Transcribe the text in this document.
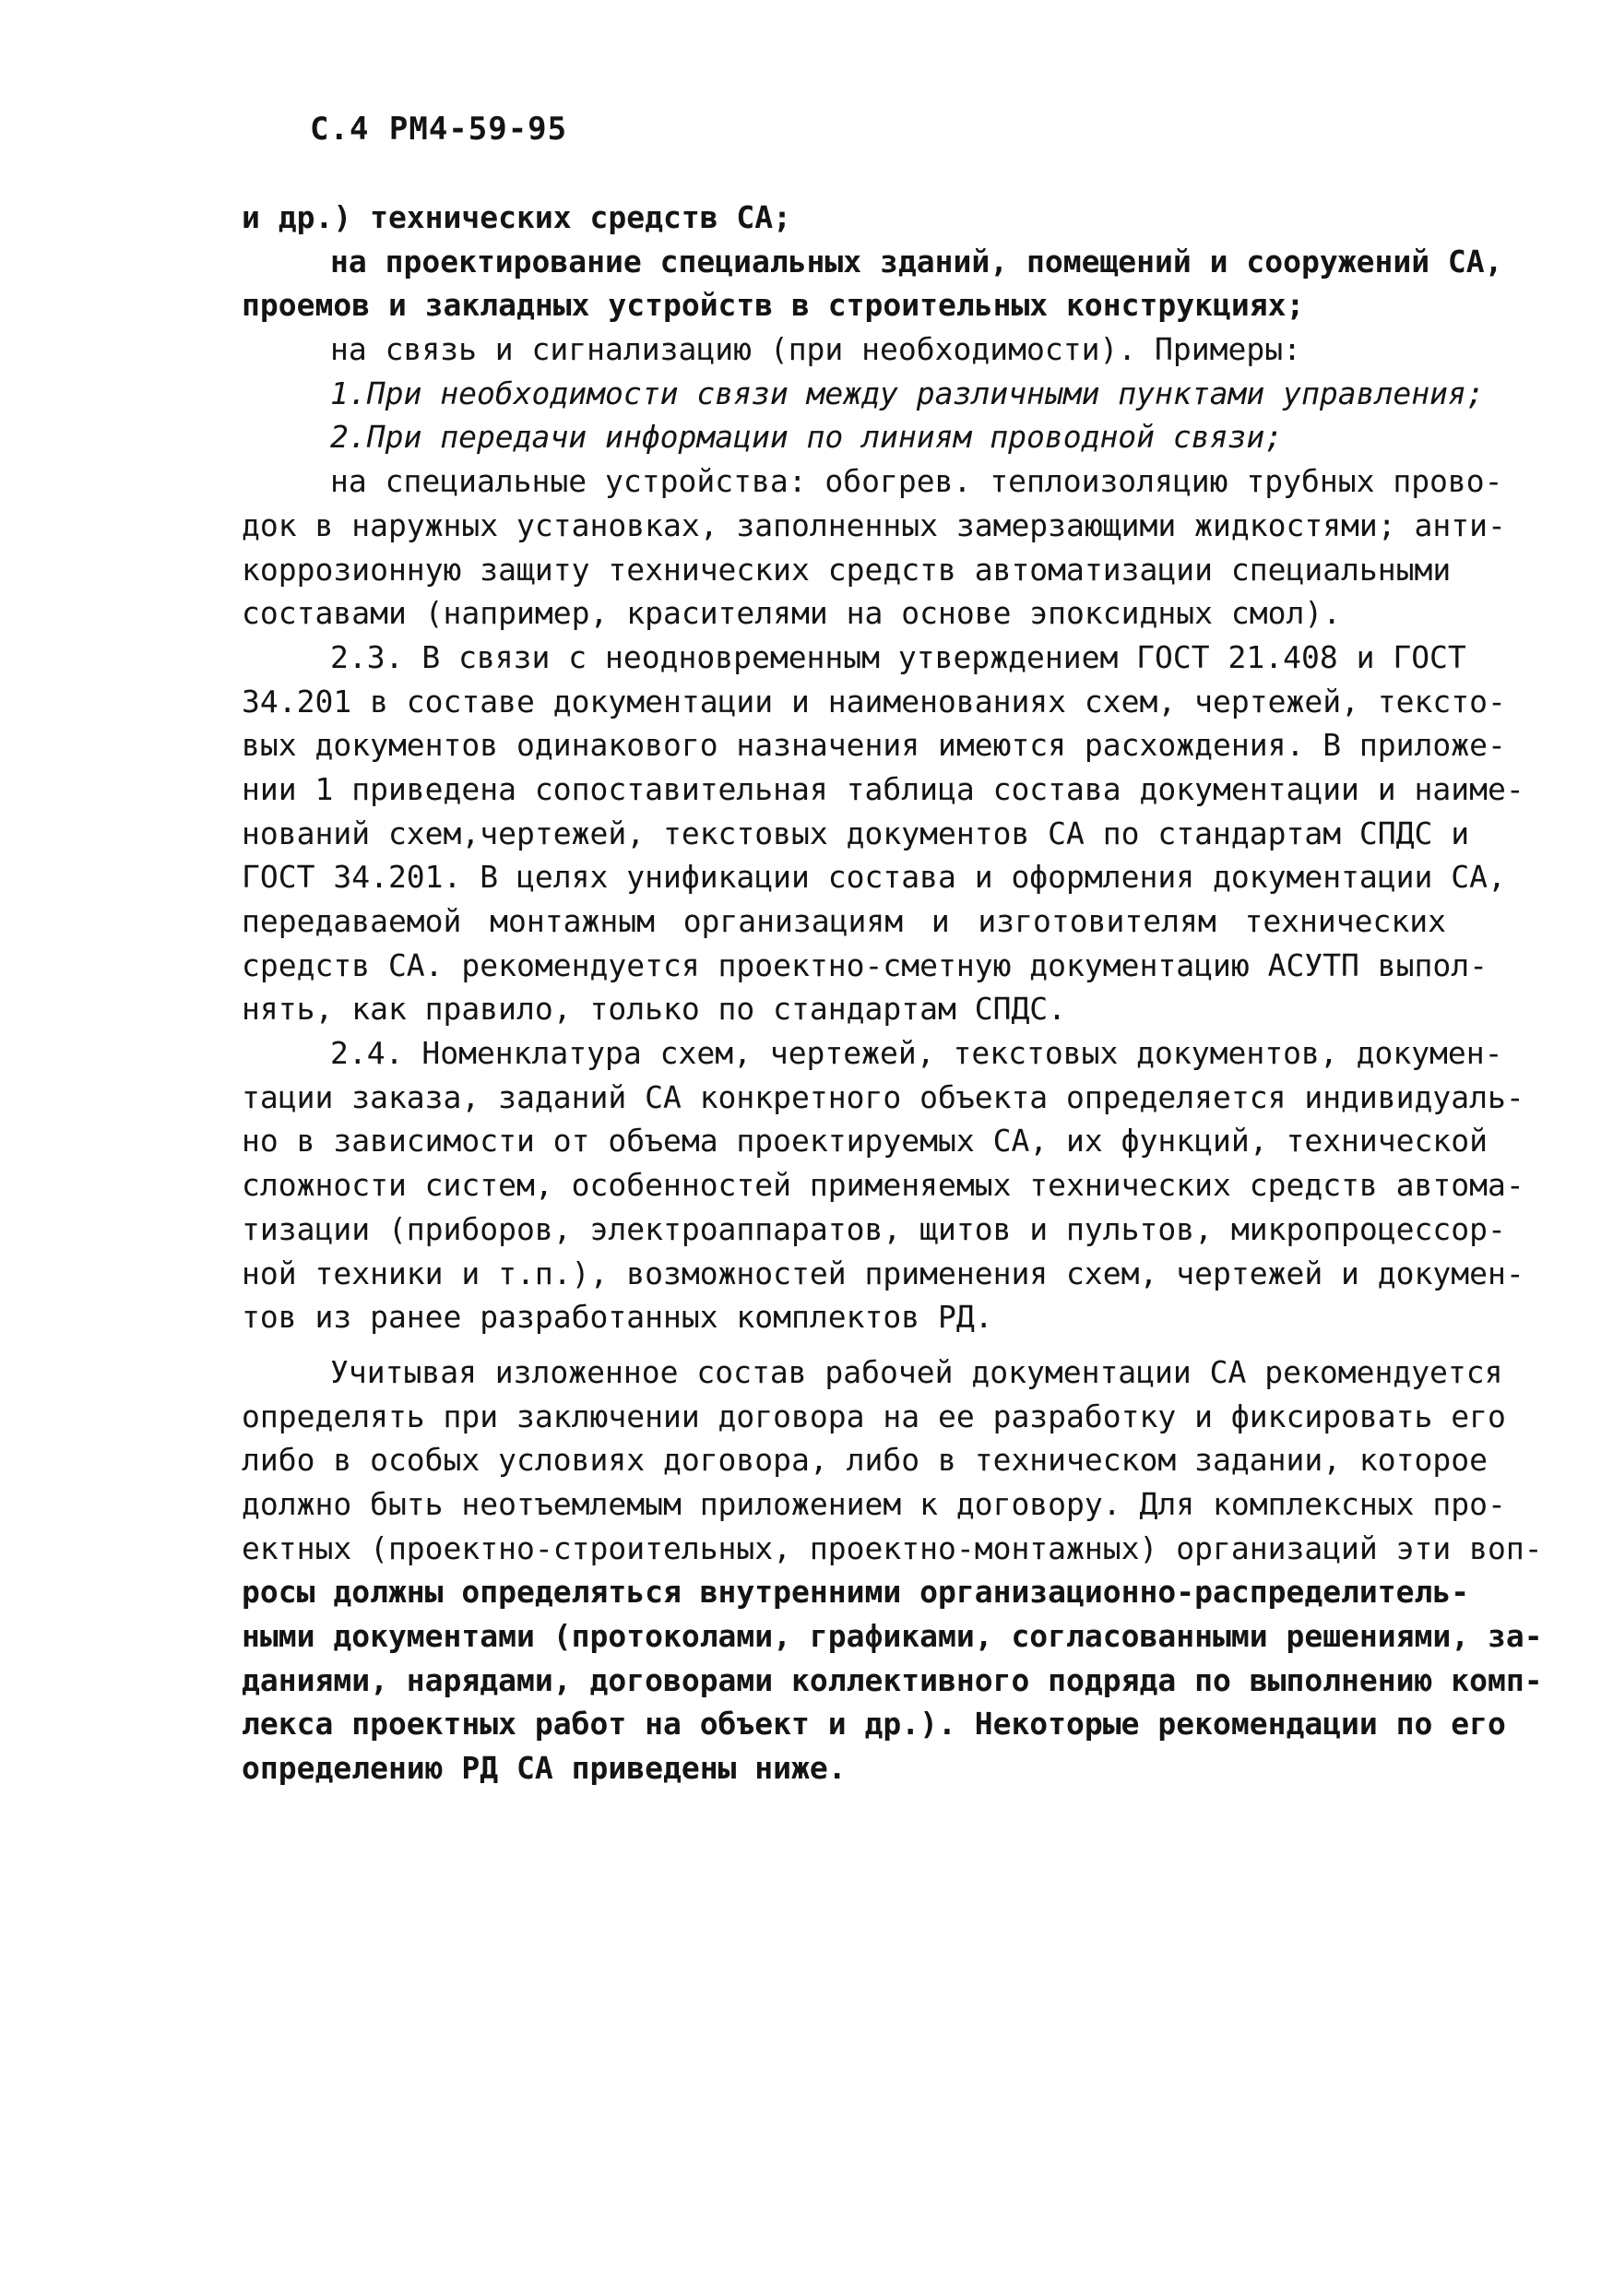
С.4 РМ4-59-95
и др.) технических средств СА;
на проектирование специальных зданий, помещений и сооружений СА,
проемов и закладных устройств в строительных конструкциях;
на связь и сигнализацию (при необходимости). Примеры:
1.При необходимости связи между различными пунктами управления;
2.При передачи информации по линиям проводной связи;
на специальные устройства: обогрев. теплоизоляцию трубных прово-
док в наружных установках, заполненных замерзающими жидкостями; анти-
коррозионную защиту технических средств автоматизации специальными
составами (например, красителями на основе эпоксидных смол).
2.3. В связи с неодновременным утверждением ГОСТ 21.408 и ГОСТ
34.201 в составе документации и наименованиях схем, чертежей, тексто-
вых документов одинакового назначения имеются расхождения. В приложе-
нии 1 приведена сопоставительная таблица состава документации и наиме-
нований схем,чертежей, текстовых документов СА по стандартам СПДС и
ГОСТ 34.201. В целях унификации состава и оформления документации СА,
передаваемой монтажным организациям и изготовителям технических
средств СА. рекомендуется проектно-сметную документацию АСУТП выпол-
нять, как правило, только по стандартам СПДС.
2.4. Номенклатура схем, чертежей, текстовых документов, докумен-
тации заказа, заданий СА конкретного объекта определяется индивидуаль-
но в зависимости от объема проектируемых СА, их функций, технической
сложности систем, особенностей применяемых технических средств автома-
тизации (приборов, электроаппаратов, щитов и пультов, микропроцессор-
ной техники и т.п.), возможностей применения схем, чертежей и докумен-
тов из ранее разработанных комплектов РД.
Учитывая изложенное состав рабочей документации СА рекомендуется
определять при заключении договора на ее разработку и фиксировать его
либо в особых условиях договора, либо в техническом задании, которое
должно быть неотъемлемым приложением к договору. Для комплексных про-
ектных (проектно-строительных, проектно-монтажных) организаций эти воп-
росы должны определяться внутренними организационно-распределитель-
ными документами (протоколами, графиками, согласованными решениями, за-
даниями, нарядами, договорами коллективного подряда по выполнению комп-
лекса проектных работ на объект и др.). Некоторые рекомендации по его
определению РД СА приведены ниже.
